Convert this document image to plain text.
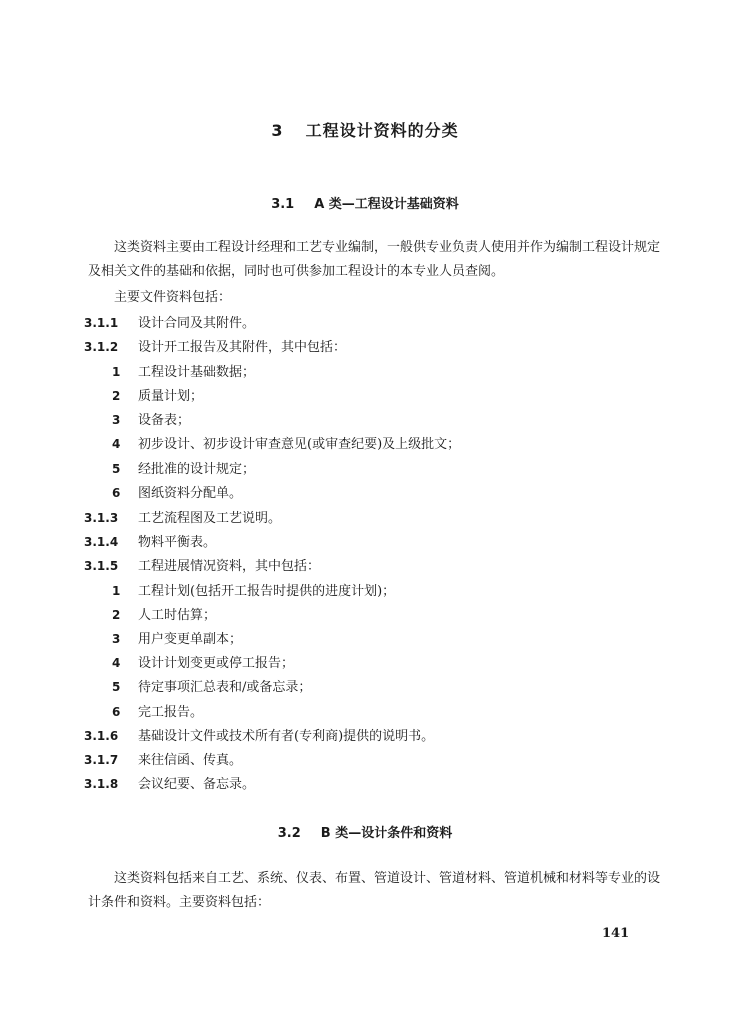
3 工程设计资料的分类
3.1 A 类—工程设计基础资料

这类资料主要由工程设计经理和工艺专业编制，一般供专业负责人使用并作为编制工程设计规定及相关文件的基础和依据，同时也可供参加工程设计的本专业人员查阅。

主要文件资料包括：
3.1.1 设计合同及其附件。
3.1.2 设计开工报告及其附件，其中包括：
1 工程设计基础数据；
2 质量计划；
3 设备表；
4 初步设计、初步设计审查意见(或审查纪要)及上级批文；
5 经批准的设计规定；
6 图纸资料分配单。
3.1.3 工艺流程图及工艺说明。
3.1.4 物料平衡表。
3.1.5 工程进展情况资料，其中包括：
1 工程计划(包括开工报告时提供的进度计划)；
2 人工时估算；
3 用户变更单副本；
4 设计计划变更或停工报告；
5 待定事项汇总表和/或备忘录；
6 完工报告。
3.1.6 基础设计文件或技术所有者(专利商)提供的说明书。
3.1.7 来往信函、传真。
3.1.8 会议纪要、备忘录。
3.2 B 类—设计条件和资料

这类资料包括来自工艺、系统、仪表、布置、管道设计、管道材料、管道机械和材料等专业的设计条件和资料。主要资料包括：

141
